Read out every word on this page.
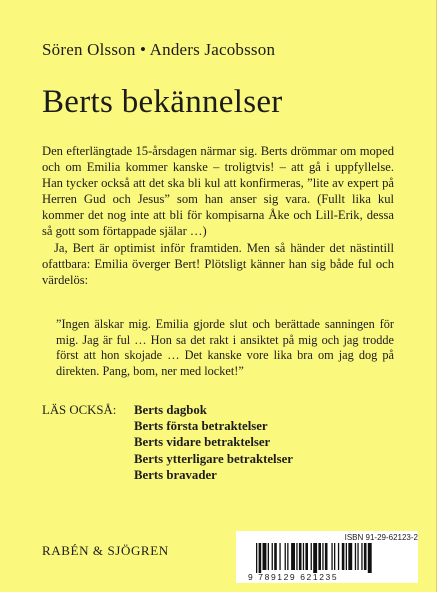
Sören Olsson • Anders Jacobsson
Berts bekännelser

Den efterlängtade 15-årsdagen närmar sig. Berts drömmar om moped och om Emilia kommer kanske – troligtvis! – att gå i uppfyllelse. Han tycker också att det ska bli kul att konfirmeras, ”lite av expert på Herren Gud och Jesus” som han anser sig vara. (Fullt lika kul kommer det nog inte att bli för kompisarna Åke och Lill-Erik, dessa så gott som förtappade själar …)

Ja, Bert är optimist inför framtiden. Men så händer det nästintill ofattbara: Emilia överger Bert! Plötsligt känner han sig både ful och värdelös:

”Ingen älskar mig. Emilia gjorde slut och berättade sanningen för mig. Jag är ful … Hon sa det rakt i ansiktet på mig och jag trodde först att hon skojade … Det kanske vore lika bra om jag dog på direkten. Pang, bom, ner med locket!”
LÄS OCKSÅ: Berts dagbok
Berts första betraktelser
Berts vidare betraktelser
Berts ytterligare betraktelser
Berts bravader
RABÉN & SJÖGREN
ISBN 91-29-62123-2
9 789129 621235
